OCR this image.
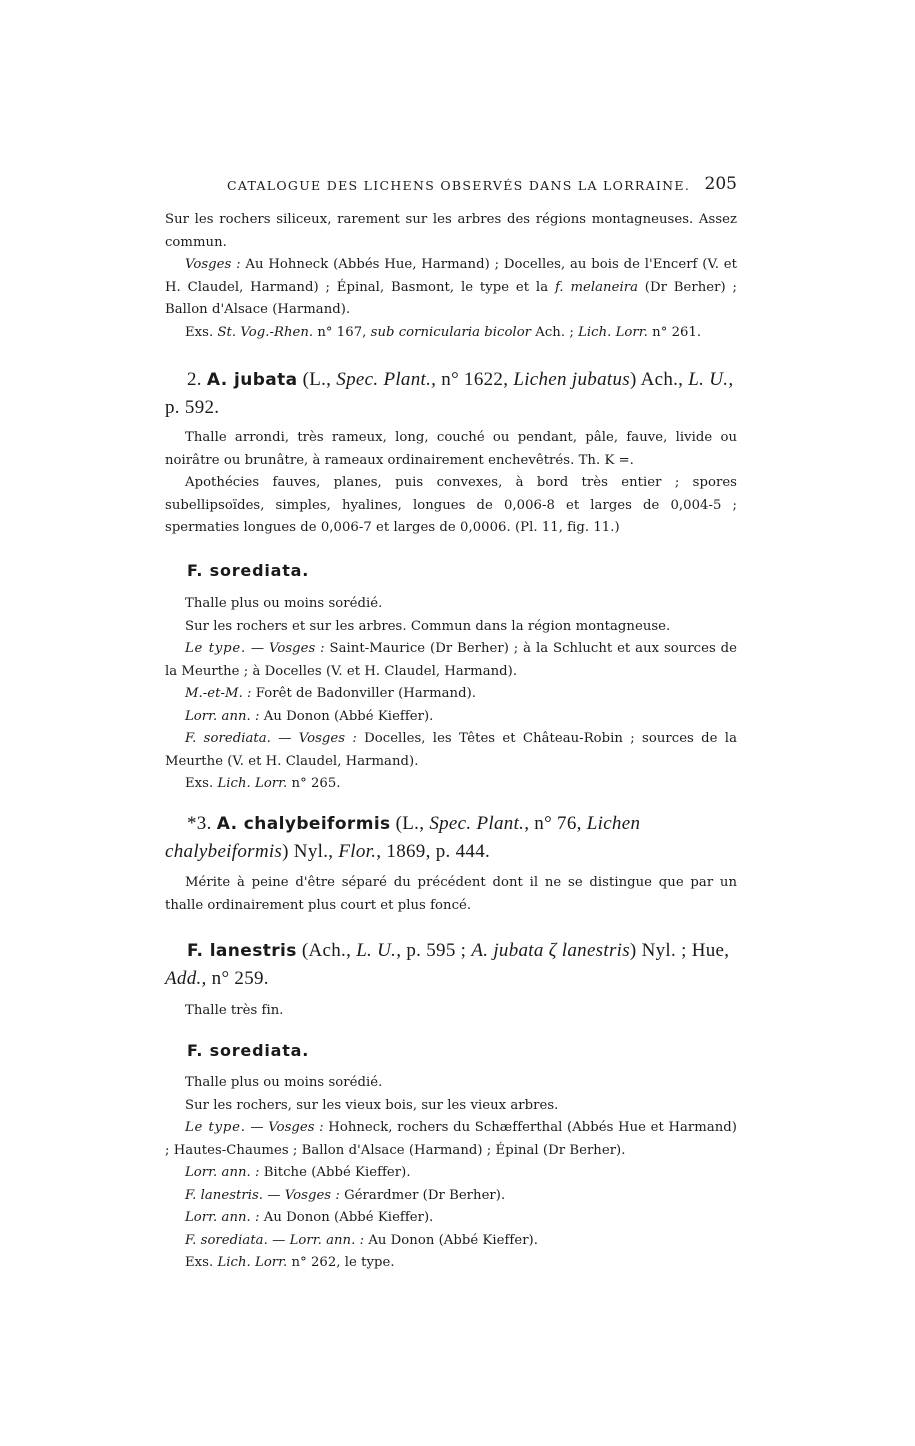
CATALOGUE DES LICHENS OBSERVÉS DANS LA LORRAINE. 205

Sur les rochers siliceux, rarement sur les arbres des régions montagneuses. Assez commun.

Vosges : Au Hohneck (Abbés Hue, Harmand) ; Docelles, au bois de l'Encerf (V. et H. Claudel, Harmand) ; Épinal, Basmont, le type et la f. melaneira (Dr Berher) ; Ballon d'Alsace (Harmand).

Exs. St. Vog.-Rhen. n° 167, sub cornicularia bicolor Ach. ; Lich. Lorr. n° 261.

2. A. jubata (L., Spec. Plant., n° 1622, Lichen jubatus) Ach., L. U., p. 592.

Thalle arrondi, très rameux, long, couché ou pendant, pâle, fauve, livide ou noirâtre ou brunâtre, à rameaux ordinairement enchevêtrés. Th. K =.

Apothécies fauves, planes, puis convexes, à bord très entier ; spores subellipsoïdes, simples, hyalines, longues de 0,006-8 et larges de 0,004-5 ; spermaties longues de 0,006-7 et larges de 0,0006. (Pl. 11, fig. 11.)

F. sorediata.

Thalle plus ou moins sorédié.

Sur les rochers et sur les arbres. Commun dans la région montagneuse.

Le type. — Vosges : Saint-Maurice (Dr Berher) ; à la Schlucht et aux sources de la Meurthe ; à Docelles (V. et H. Claudel, Harmand).

M.-et-M. : Forêt de Badonviller (Harmand).

Lorr. ann. : Au Donon (Abbé Kieffer).

F. sorediata. — Vosges : Docelles, les Têtes et Château-Robin ; sources de la Meurthe (V. et H. Claudel, Harmand).

Exs. Lich. Lorr. n° 265.

*3. A. chalybeiformis (L., Spec. Plant., n° 76, Lichen chalybeiformis) Nyl., Flor., 1869, p. 444.

Mérite à peine d'être séparé du précédent dont il ne se distingue que par un thalle ordinairement plus court et plus foncé.

F. lanestris (Ach., L. U., p. 595 ; A. jubata ζ lanestris) Nyl. ; Hue, Add., n° 259.

Thalle très fin.

F. sorediata.

Thalle plus ou moins sorédié.

Sur les rochers, sur les vieux bois, sur les vieux arbres.

Le type. — Vosges : Hohneck, rochers du Schæfferthal (Abbés Hue et Harmand) ; Hautes-Chaumes ; Ballon d'Alsace (Harmand) ; Épinal (Dr Berher).

Lorr. ann. : Bitche (Abbé Kieffer).

F. lanestris. — Vosges : Gérardmer (Dr Berher).

Lorr. ann. : Au Donon (Abbé Kieffer).

F. sorediata. — Lorr. ann. : Au Donon (Abbé Kieffer).

Exs. Lich. Lorr. n° 262, le type.
